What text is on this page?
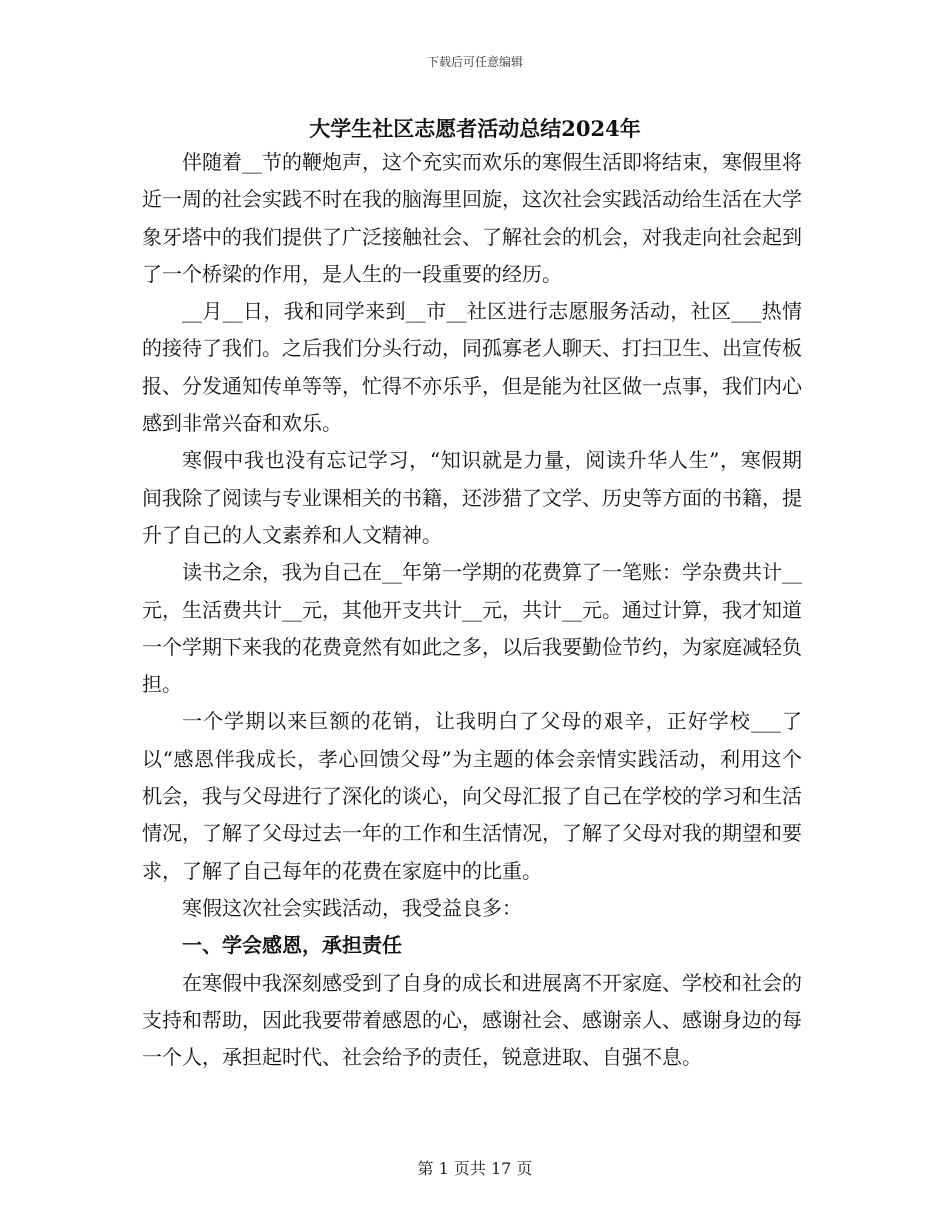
下载后可任意编辑
大学生社区志愿者活动总结2024年

伴随着__节的鞭炮声，这个充实而欢乐的寒假生活即将结束，寒假里将近一周的社会实践不时在我的脑海里回旋，这次社会实践活动给生活在大学象牙塔中的我们提供了广泛接触社会、了解社会的机会，对我走向社会起到了一个桥梁的作用，是人生的一段重要的经历。

__月__日，我和同学来到__市__社区进行志愿服务活动，社区___热情的接待了我们。之后我们分头行动，同孤寡老人聊天、打扫卫生、出宣传板报、分发通知传单等等，忙得不亦乐乎，但是能为社区做一点事，我们内心感到非常兴奋和欢乐。

寒假中我也没有忘记学习，“知识就是力量，阅读升华人生”，寒假期间我除了阅读与专业课相关的书籍，还涉猎了文学、历史等方面的书籍，提升了自己的人文素养和人文精神。

读书之余，我为自己在__年第一学期的花费算了一笔账：学杂费共计__元，生活费共计__元，其他开支共计__元，共计__元。通过计算，我才知道一个学期下来我的花费竟然有如此之多，以后我要勤俭节约，为家庭减轻负担。

一个学期以来巨额的花销，让我明白了父母的艰辛，正好学校___了以“感恩伴我成长，孝心回馈父母”为主题的体会亲情实践活动，利用这个机会，我与父母进行了深化的谈心，向父母汇报了自己在学校的学习和生活情况，了解了父母过去一年的工作和生活情况，了解了父母对我的期望和要求，了解了自己每年的花费在家庭中的比重。

寒假这次社会实践活动，我受益良多：

一、学会感恩，承担责任

在寒假中我深刻感受到了自身的成长和进展离不开家庭、学校和社会的支持和帮助，因此我要带着感恩的心，感谢社会、感谢亲人、感谢身边的每一个人，承担起时代、社会给予的责任，锐意进取、自强不息。

第 1 页共 17 页
